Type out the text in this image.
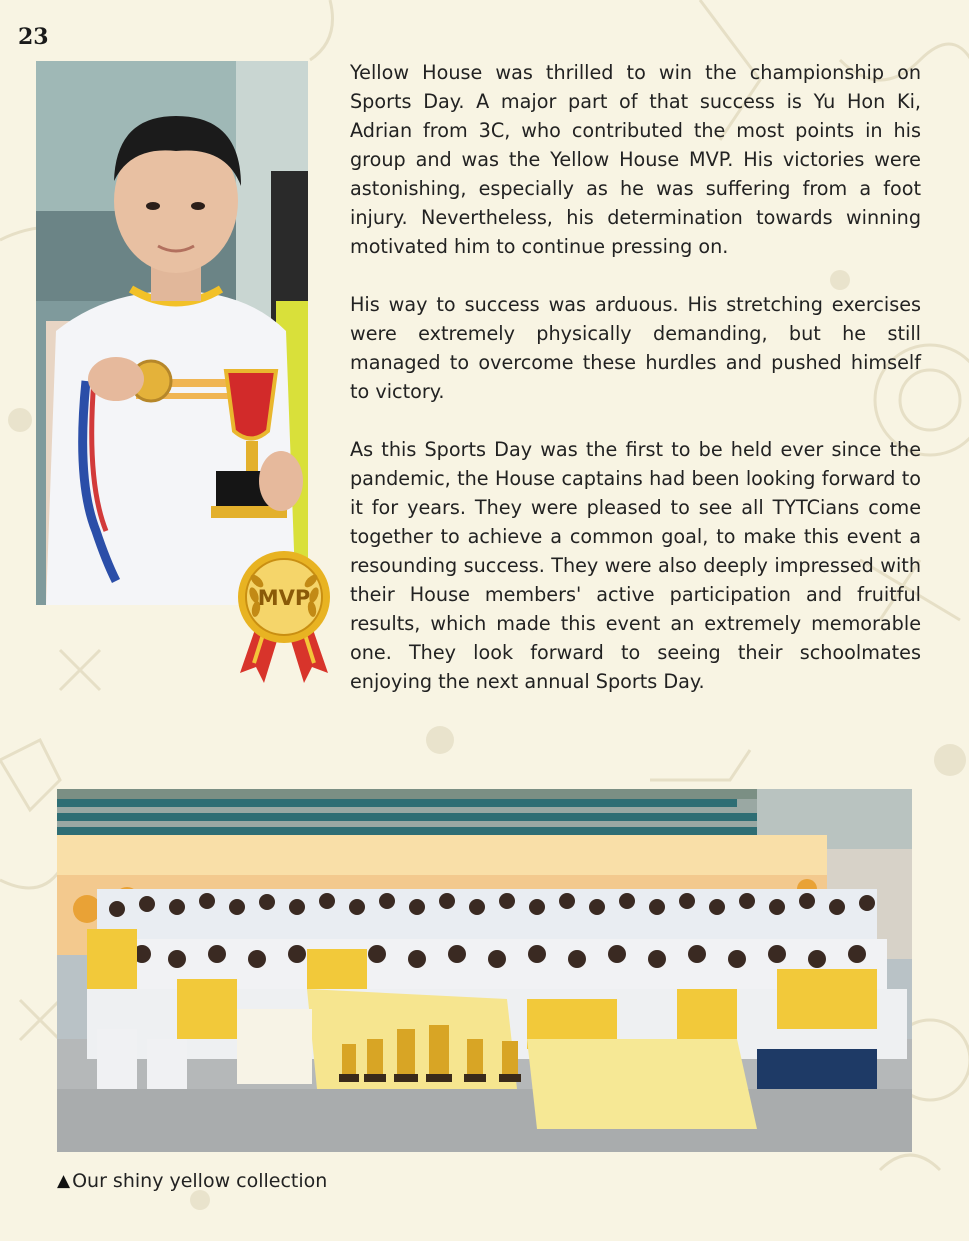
23
MVP

Yellow House was thrilled to win the championship on Sports Day. A major part of that success is Yu Hon Ki, Adrian from 3C, who contributed the most points in his group and was the Yellow House MVP. His victories were astonishing, especially as he was suffering from a foot injury. Nevertheless, his determination towards winning motivated him to continue pressing on.

His way to success was arduous. His stretching exercises were extremely physically demanding, but he still managed to overcome these hurdles and pushed himself to victory.

As this Sports Day was the first to be held ever since the pandemic, the House captains had been looking forward to it for years. They were pleased to see all TYTCians come together to achieve a common goal, to make this event a resounding success. They were also deeply impressed with their House members' active participation and fruitful results, which made this event an extremely memorable one. They look forward to seeing their schoolmates enjoying the next annual Sports Day.

▲ Our shiny yellow collection
